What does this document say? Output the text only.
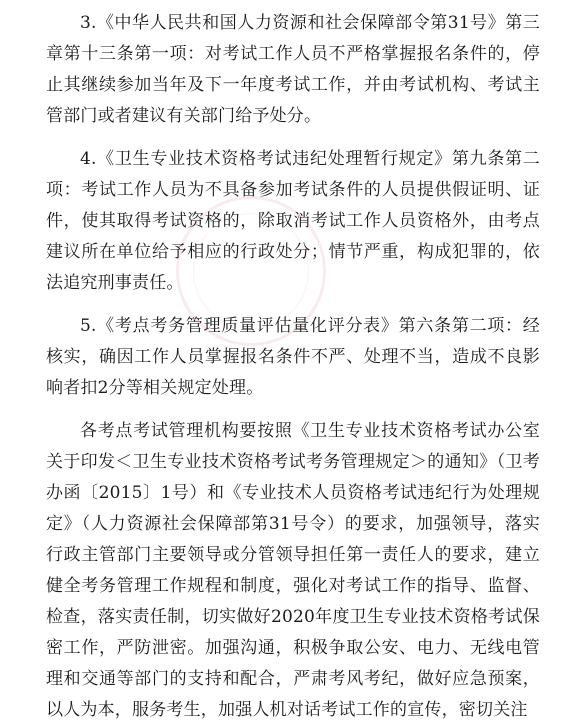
3.《中华人民共和国人力资源和社会保障部令第31号》第三章第十三条第一项：对考试工作人员不严格掌握报名条件的，停止其继续参加当年及下一年度考试工作，并由考试机构、考试主管部门或者建议有关部门给予处分。

4.《卫生专业技术资格考试违纪处理暂行规定》第九条第二项：考试工作人员为不具备参加考试条件的人员提供假证明、证件，使其取得考试资格的，除取消考试工作人员资格外，由考点建议所在单位给予相应的行政处分；情节严重，构成犯罪的，依法追究刑事责任。

5.《考点考务管理质量评估量化评分表》第六条第二项：经核实，确因工作人员掌握报名条件不严、处理不当，造成不良影响者扣2分等相关规定处理。

各考点考试管理机构要按照《卫生专业技术资格考试办公室关于印发＜卫生专业技术资格考试考务管理规定＞的通知》（卫考办函〔2015〕1号）和《专业技术人员资格考试违纪行为处理规定》（人力资源社会保障部第31号令）的要求，加强领导，落实行政主管部门主要领导或分管领导担任第一责任人的要求，建立健全考务管理工作规程和制度，强化对考试工作的指导、监督、检查，落实责任制，切实做好2020年度卫生专业技术资格考试保密工作，严防泄密。加强沟通，积极争取公安、电力、无线电管理和交通等部门的支持和配合，严肃考风考纪，做好应急预案，以人为本，服务考生，加强人机对话考试工作的宣传，密切关注
